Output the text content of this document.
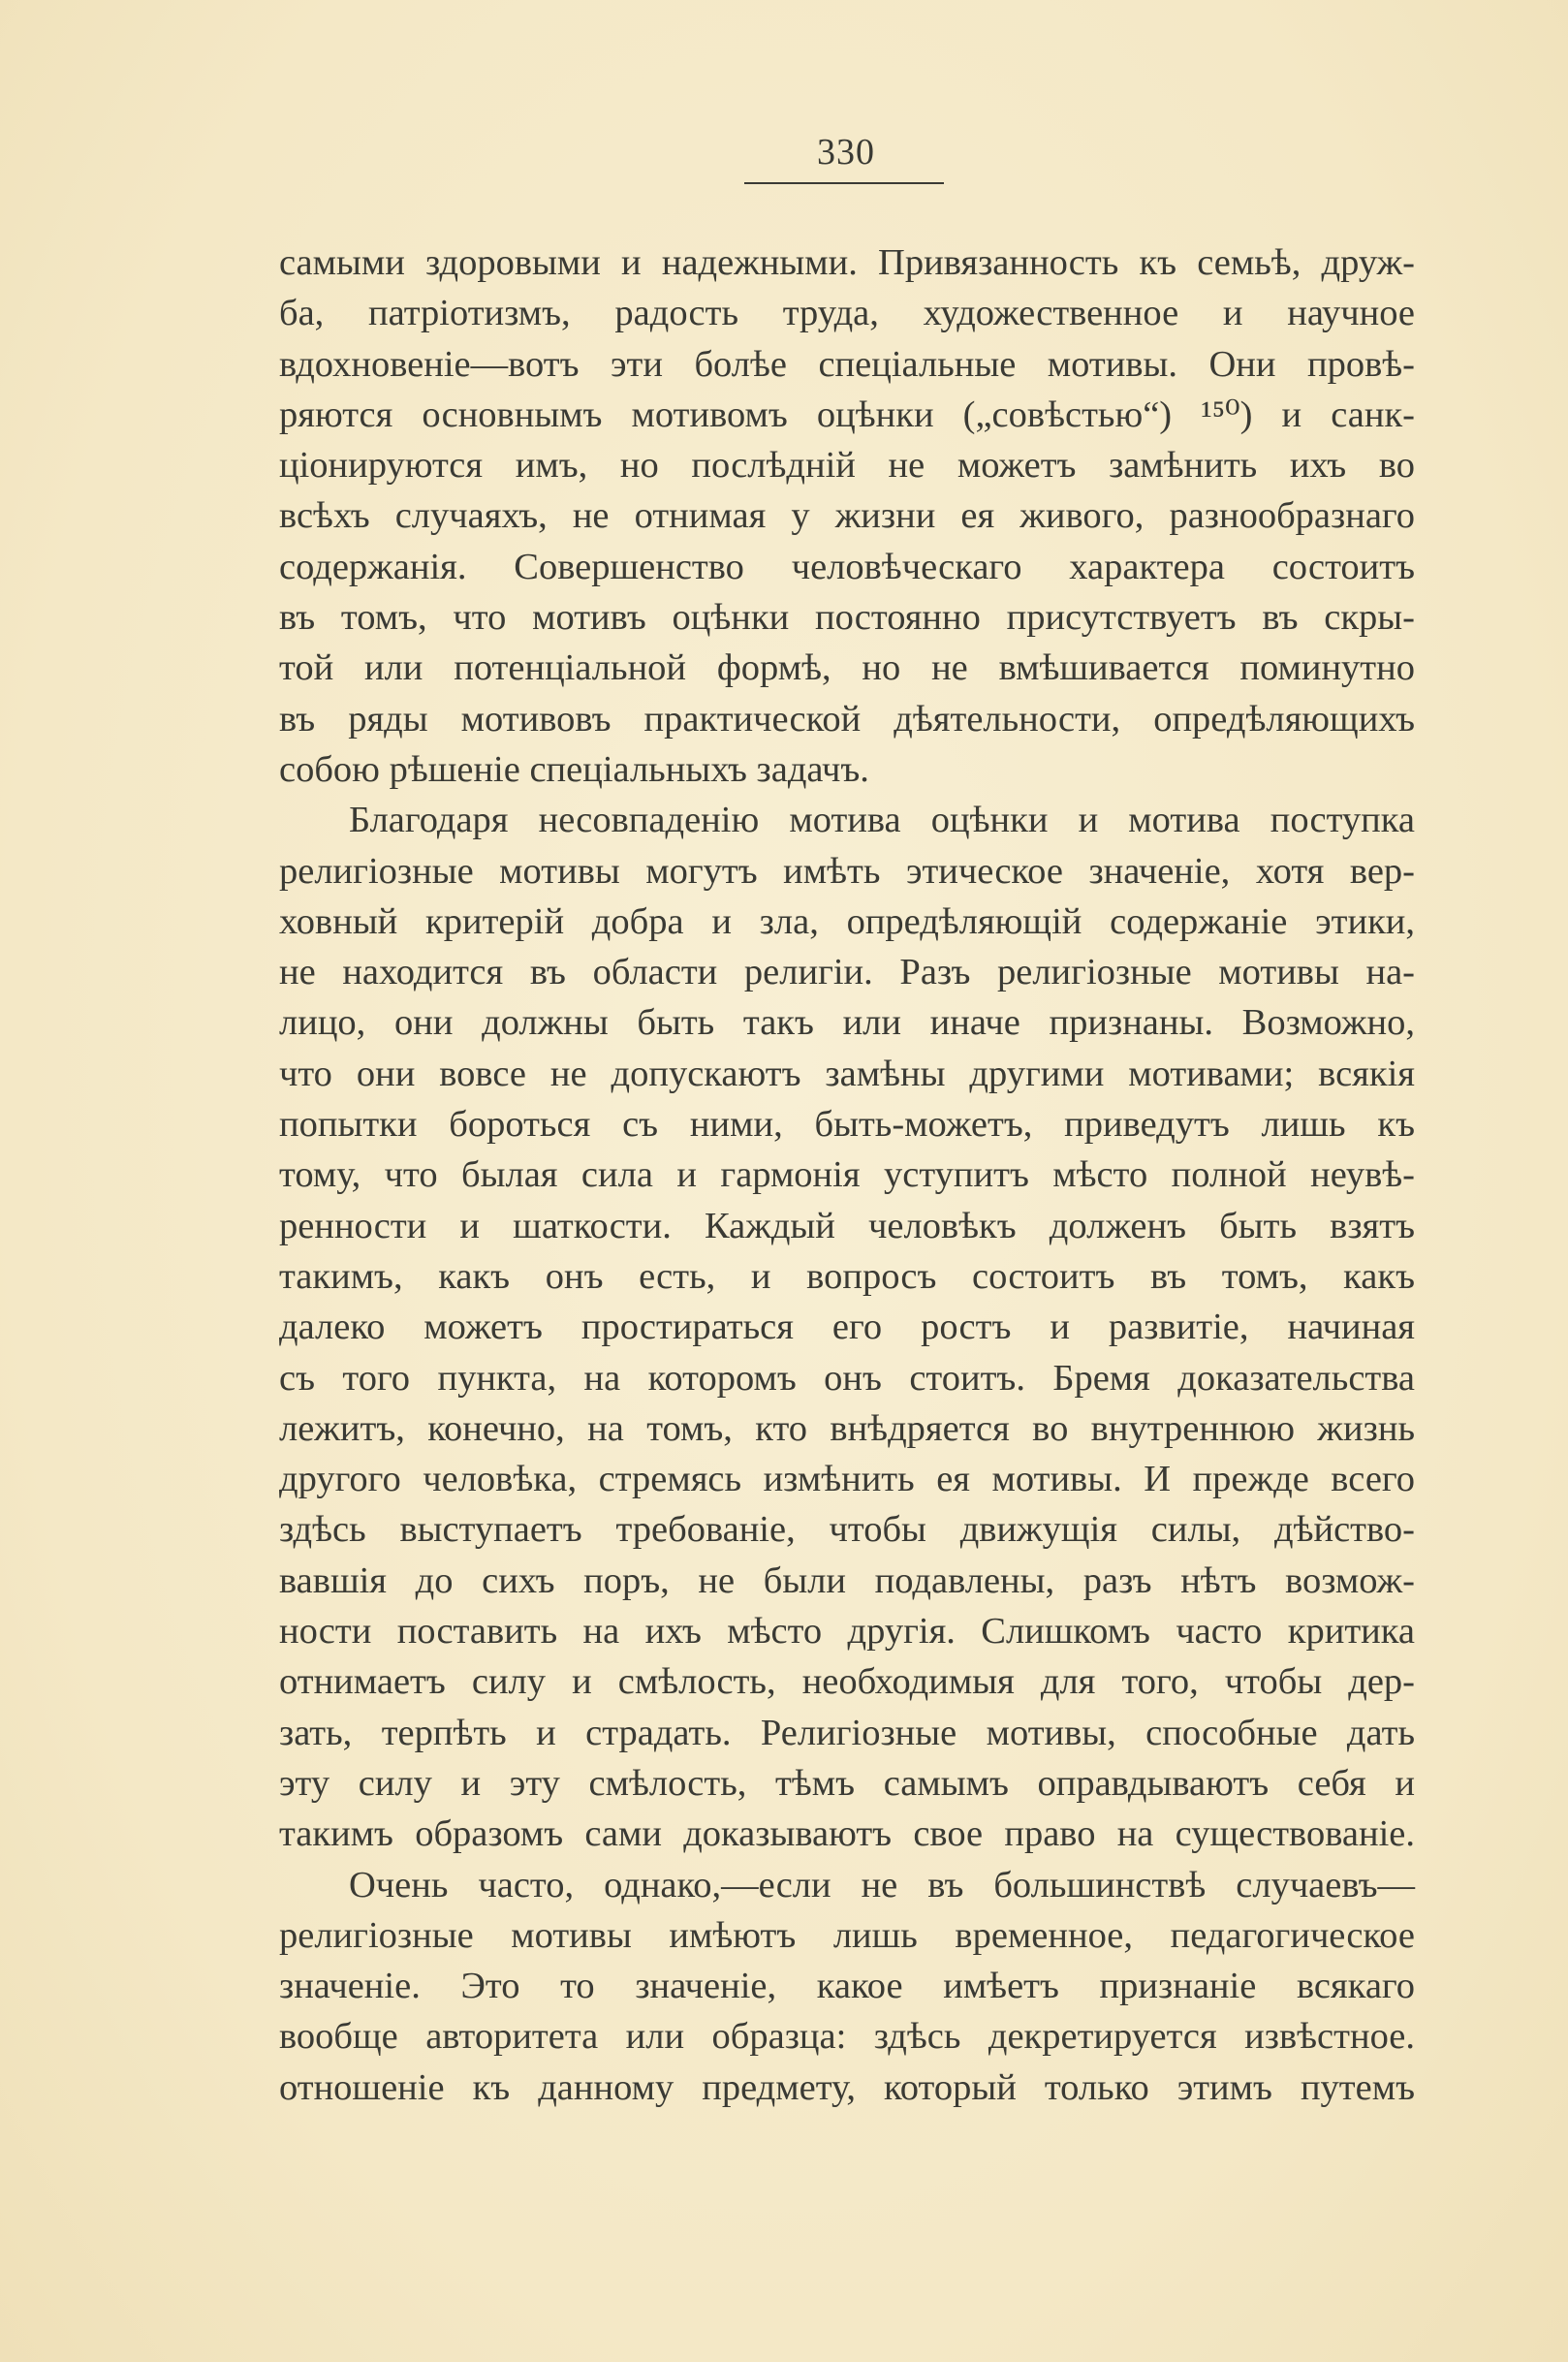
330
самыми здоровыми и надежными. Привязанность къ семьѣ, друж-
ба, патріотизмъ, радость труда, художественное и научное
вдохновеніе—вотъ эти болѣе спеціальные мотивы. Они провѣ-
ряются основнымъ мотивомъ оцѣнки („совѣстью“) ¹⁵⁰) и санк-
ціонируются имъ, но послѣдній не можетъ замѣнить ихъ во
всѣхъ случаяхъ, не отнимая у жизни ея живого, разнообразнаго
содержанія. Совершенство человѣческаго характера состоитъ
въ томъ, что мотивъ оцѣнки постоянно присутствуетъ въ скры-
той или потенціальной формѣ, но не вмѣшивается поминутно
въ ряды мотивовъ практической дѣятельности, опредѣляющихъ
собою рѣшеніе спеціальныхъ задачъ.
Благодаря несовпаденію мотива оцѣнки и мотива поступка
религіозные мотивы могутъ имѣть этическое значеніе, хотя вер-
ховный критерій добра и зла, опредѣляющій содержаніе этики,
не находится въ области религіи. Разъ религіозные мотивы на-
лицо, они должны быть такъ или иначе признаны. Возможно,
что они вовсе не допускаютъ замѣны другими мотивами; всякія
попытки бороться съ ними, быть-можетъ, приведутъ лишь къ
тому, что былая сила и гармонія уступитъ мѣсто полной неувѣ-
ренности и шаткости. Каждый человѣкъ долженъ быть взятъ
такимъ, какъ онъ есть, и вопросъ состоитъ въ томъ, какъ
далеко можетъ простираться его ростъ и развитіе, начиная
съ того пункта, на которомъ онъ стоитъ. Бремя доказательства
лежитъ, конечно, на томъ, кто внѣдряется во внутреннюю жизнь
другого человѣка, стремясь измѣнить ея мотивы. И прежде всего
здѣсь выступаетъ требованіе, чтобы движущія силы, дѣйство-
вавшія до сихъ поръ, не были подавлены, разъ нѣтъ возмож-
ности поставить на ихъ мѣсто другія. Слишкомъ часто критика
отнимаетъ силу и смѣлость, необходимыя для того, чтобы дер-
зать, терпѣть и страдать. Религіозные мотивы, способные дать
эту силу и эту смѣлость, тѣмъ самымъ оправдываютъ себя и
такимъ образомъ сами доказываютъ свое право на существованіе.
Очень часто, однако,—если не въ большинствѣ случаевъ—
религіозные мотивы имѣютъ лишь временное, педагогическое
значеніе. Это то значеніе, какое имѣетъ признаніе всякаго
вообще авторитета или образца: здѣсь декретируется извѣстное.
отношеніе къ данному предмету, который только этимъ путемъ
